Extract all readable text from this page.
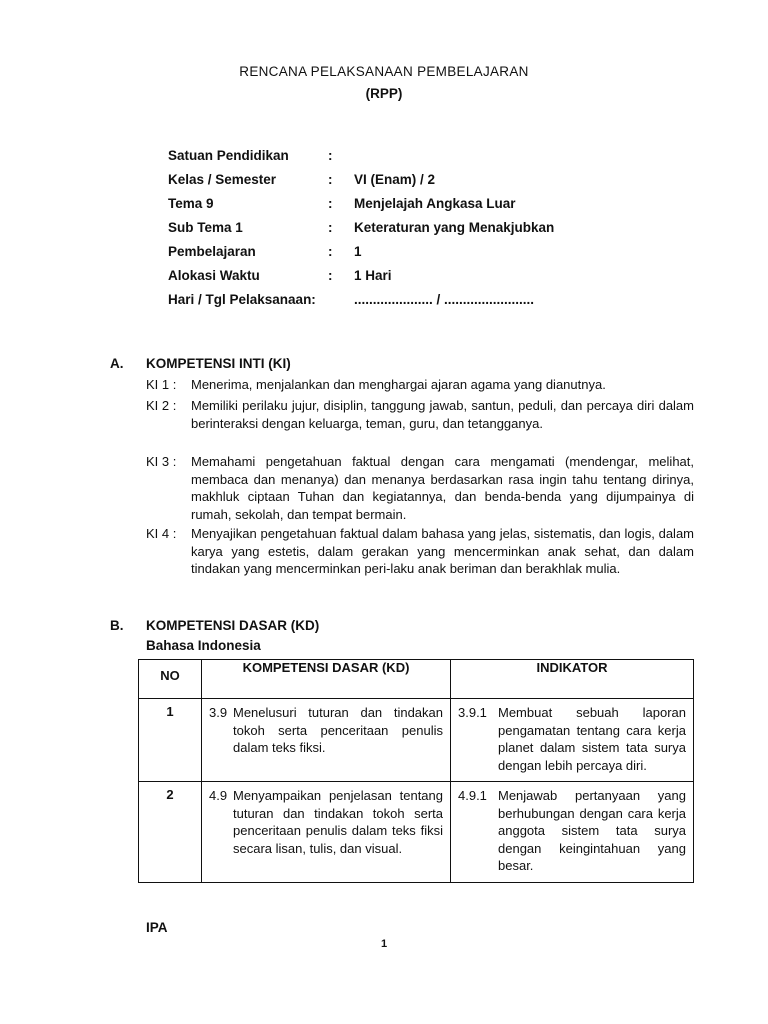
RENCANA PELAKSANAAN PEMBELAJARAN
(RPP)
Satuan Pendidikan	:
Kelas / Semester	: VI (Enam) / 2
Tema 9	: Menjelajah Angkasa Luar
Sub Tema 1	: Keteraturan yang Menakjubkan
Pembelajaran	: 1
Alokasi Waktu	: 1 Hari
Hari / Tgl Pelaksanaan:	..................... / ........................
A. KOMPETENSI INTI (KI)
KI 1 : Menerima, menjalankan dan menghargai ajaran agama yang dianutnya.
KI 2 : Memiliki perilaku jujur, disiplin, tanggung jawab, santun, peduli, dan percaya diri dalam berinteraksi dengan keluarga, teman, guru, dan tetangganya.
KI 3 : Memahami pengetahuan faktual dengan cara mengamati (mendengar, melihat, membaca dan menanya) dan menanya berdasarkan rasa ingin tahu tentang dirinya, makhluk ciptaan Tuhan dan kegiatannya, dan benda-benda yang dijumpainya di rumah, sekolah, dan tempat bermain.
KI 4 : Menyajikan pengetahuan faktual dalam bahasa yang jelas, sistematis, dan logis, dalam karya yang estetis, dalam gerakan yang mencerminkan anak sehat, dan dalam tindakan yang mencerminkan peri-laku anak beriman dan berakhlak mulia.
B. KOMPETENSI DASAR (KD)
Bahasa Indonesia
NO	KOMPETENSI DASAR (KD)	INDIKATOR
1	3.9 Menelusuri tuturan dan tindakan tokoh serta penceritaan penulis dalam teks fiksi.	3.9.1 Membuat sebuah laporan pengamatan tentang cara kerja planet dalam sistem tata surya dengan lebih percaya diri.

2	4.9 Menyampaikan penjelasan tentang tuturan dan tindakan tokoh serta penceritaan penulis dalam teks fiksi secara lisan, tulis, dan visual.	4.9.1 Menjawab pertanyaan yang berhubungan dengan cara kerja anggota sistem tata surya dengan keingintahuan yang besar.
IPA
1
